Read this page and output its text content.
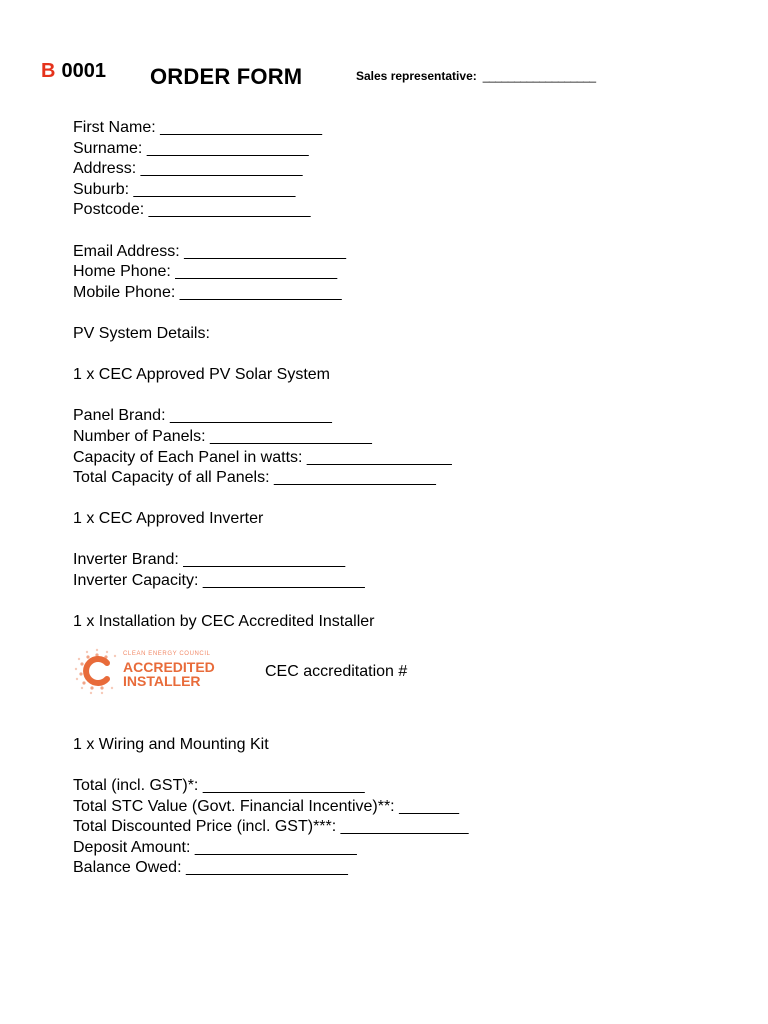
B 0001 ORDER FORM	Sales representative: __________________
First Name: ___________________
Surname: ___________________
Address: ___________________
Suburb: ___________________
Postcode: ___________________
Email Address: ___________________
Home Phone: ___________________
Mobile Phone: ___________________
PV System Details:
1 x CEC Approved PV Solar System
Panel Brand: ___________________
Number of Panels: ___________________
Capacity of Each Panel in watts: _________________
Total Capacity of all Panels: ___________________
1 x CEC Approved Inverter
Inverter Brand: ___________________
Inverter Capacity: ___________________
1 x Installation by CEC Accredited Installer
CLEAN ENERGY COUNCIL
ACCREDITED
INSTALLER
CEC accreditation #
1 x Wiring and Mounting Kit
Total (incl. GST)*: ___________________
Total STC Value (Govt. Financial Incentive)**: _______
Total Discounted Price (incl. GST)***: _______________
Deposit Amount: ___________________
Balance Owed: ___________________
